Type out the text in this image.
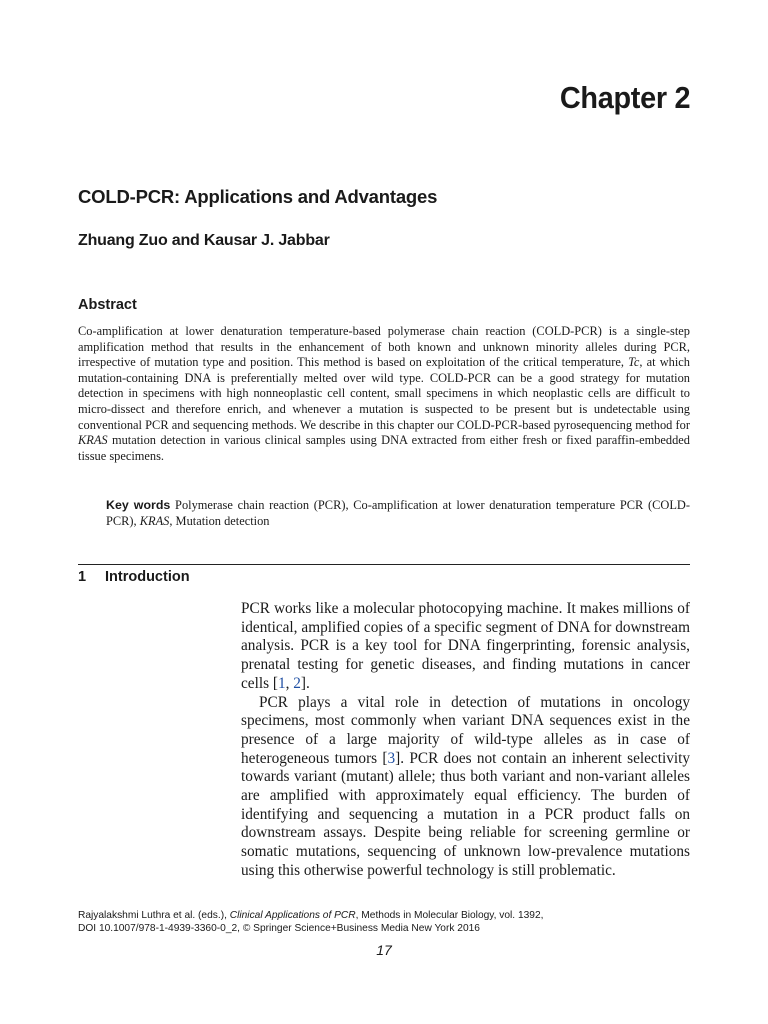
Chapter 2
COLD-PCR: Applications and Advantages
Zhuang Zuo and Kausar J. Jabbar
Abstract
Co-amplification at lower denaturation temperature-based polymerase chain reaction (COLD-PCR) is a single-step amplification method that results in the enhancement of both known and unknown minority alleles during PCR, irrespective of mutation type and position. This method is based on exploitation of the critical temperature, Tc, at which mutation-containing DNA is preferentially melted over wild type. COLD-PCR can be a good strategy for mutation detection in specimens with high nonneoplastic cell content, small specimens in which neoplastic cells are difficult to micro-dissect and therefore enrich, and whenever a mutation is suspected to be present but is undetectable using conventional PCR and sequencing methods. We describe in this chapter our COLD-PCR-based pyrosequencing method for KRAS mutation detection in various clinical samples using DNA extracted from either fresh or fixed paraffin-embedded tissue specimens.
Key words Polymerase chain reaction (PCR), Co-amplification at lower denaturation temperature PCR (COLD-PCR), KRAS, Mutation detection
1 Introduction

PCR works like a molecular photocopying machine. It makes millions of identical, amplified copies of a specific segment of DNA for downstream analysis. PCR is a key tool for DNA fingerprinting, forensic analysis, prenatal testing for genetic diseases, and finding mutations in cancer cells [1, 2].

PCR plays a vital role in detection of mutations in oncology specimens, most commonly when variant DNA sequences exist in the presence of a large majority of wild-type alleles as in case of heterogeneous tumors [3]. PCR does not contain an inherent selectivity towards variant (mutant) allele; thus both variant and non-variant alleles are amplified with approximately equal efficiency. The burden of identifying and sequencing a mutation in a PCR product falls on downstream assays. Despite being reliable for screening germline or somatic mutations, sequencing of unknown low-prevalence mutations using this otherwise powerful technology is still problematic.

Rajyalakshmi Luthra et al. (eds.), Clinical Applications of PCR, Methods in Molecular Biology, vol. 1392,
DOI 10.1007/978-1-4939-3360-0_2, © Springer Science+Business Media New York 2016
17
